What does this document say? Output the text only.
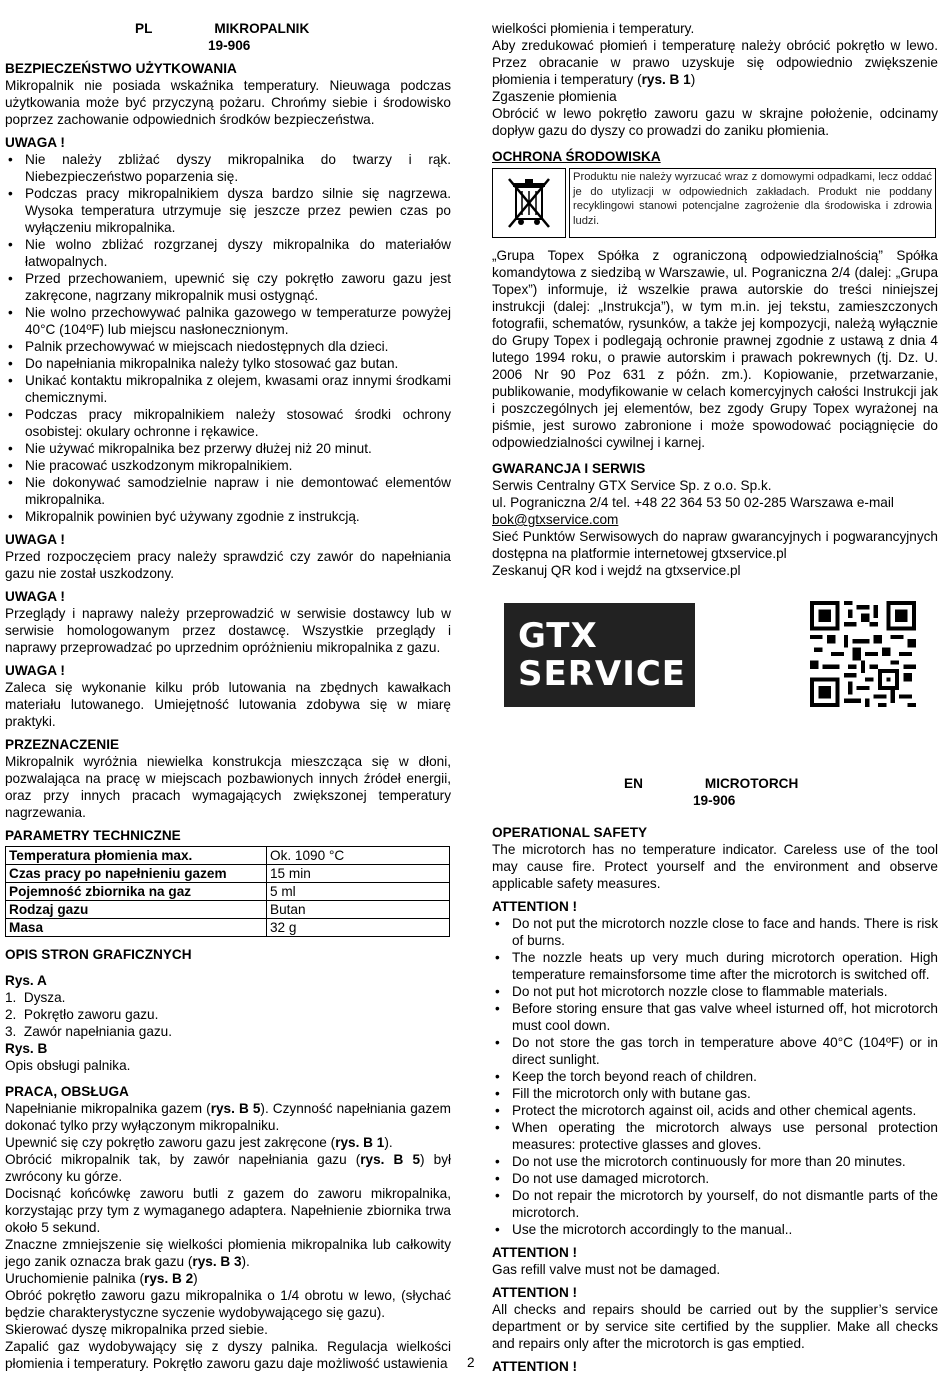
PL	MIKROPALNIK

19-906

BEZPIECZEŃSTWO UŻYTKOWANIA

Mikropalnik nie posiada wskaźnika temperatury. Nieuwaga podczas użytkowania może być przyczyną pożaru. Chrońmy siebie i środowisko poprzez zachowanie odpowiednich środków bezpieczeństwa.

UWAGA !

• Nie należy zbliżać dyszy mikropalnika do twarzy i rąk. Niebezpieczeństwo poparzenia się.
• Podczas pracy mikropalnikiem dysza bardzo silnie się nagrzewa. Wysoka temperatura utrzymuje się jeszcze przez pewien czas po wyłączeniu mikropalnika.
• Nie wolno zbliżać rozgrzanej dyszy mikropalnika do materiałów łatwopalnych.
• Przed przechowaniem, upewnić się czy pokrętło zaworu gazu jest zakręcone, nagrzany mikropalnik musi ostygnąć.
• Nie wolno przechowywać palnika gazowego w temperaturze powyżej 40°C (104ºF) lub miejscu nasłonecznionym.
• Palnik przechowywać w miejscach niedostępnych dla dzieci.
• Do napełniania mikropalnika należy tylko stosować gaz butan.
• Unikać kontaktu mikropalnika z olejem, kwasami oraz innymi środkami chemicznymi.
• Podczas pracy mikropalnikiem należy stosować środki ochrony osobistej: okulary ochronne i rękawice.
• Nie używać mikropalnika bez przerwy dłużej niż 20 minut.
• Nie pracować uszkodzonym mikropalnikiem.
• Nie dokonywać samodzielnie napraw i nie demontować elementów mikropalnika.
• Mikropalnik powinien być używany zgodnie z instrukcją.

UWAGA !

Przed rozpoczęciem pracy należy sprawdzić czy zawór do napełniania gazu nie został uszkodzony.

UWAGA !

Przeglądy i naprawy należy przeprowadzić w serwisie dostawcy lub w serwisie homologowanym przez dostawcę. Wszystkie przeglądy i naprawy przeprowadzać po uprzednim opróżnieniu mikropalnika z gazu.

UWAGA !

Zaleca się wykonanie kilku prób lutowania na zbędnych kawałkach materiału lutowanego. Umiejętność lutowania zdobywa się w miarę praktyki.

PRZEZNACZENIE

Mikropalnik wyróżnia niewielka konstrukcja mieszcząca się w dłoni, pozwalająca na pracę w miejscach pozbawionych innych źródeł energii, oraz przy innych pracach wymagających zwiększonej temperatury nagrzewania.

PARAMETRY TECHNICZNE

Temperatura płomienia max.	Ok. 1090 °C
Czas pracy po napełnieniu gazem	15 min
Pojemność zbiornika na gaz	5 ml
Rodzaj gazu	Butan
Masa	32 g

OPIS STRON GRAFICZNYCH

Rys. A

1.  Dysza.
2.  Pokrętło zaworu gazu.
3.  Zawór napełniania gazu.

Rys. B

Opis obsługi palnika.

PRACA, OBSŁUGA

Napełnianie mikropalnika gazem (rys. B 5). Czynność napełniania gazem dokonać tylko przy wyłączonym mikropalniku.

Upewnić się czy pokrętło zaworu gazu jest zakręcone (rys. B 1).

Obrócić mikropalnik tak, by zawór napełniania gazu (rys. B 5) był zwrócony ku górze.

Docisnąć końcówkę zaworu butli z gazem do zaworu mikropalnika, korzystając przy tym z wymaganego adaptera. Napełnienie zbiornika trwa około 5 sekund.

Znaczne zmniejszenie się wielkości płomienia mikropalnika lub całkowity jego zanik oznacza brak gazu (rys. B 3).

Uruchomienie palnika (rys. B 2)

Obróć pokrętło zaworu gazu mikropalnika o 1/4 obrotu w lewo, (słychać będzie charakterystyczne syczenie wydobywającego się gazu).

Skierować dyszę mikropalnika przed siebie.

Zapalić gaz wydobywający się z dyszy palnika. Regulacja wielkości płomienia i temperatury. Pokrętło zaworu gazu daje możliwość ustawienia

wielkości płomienia i temperatury.

Aby zredukować płomień i temperaturę należy obrócić pokrętło w lewo. Przez obracanie w prawo uzyskuje się odpowiednio zwiększenie płomienia i temperatury (rys. B 1)

Zgaszenie płomienia

Obrócić w lewo pokrętło zaworu gazu w skrajne położenie, odcinamy dopływ gazu do dyszy co prowadzi do zaniku płomienia.

OCHRONA ŚRODOWISKA

Produktu nie należy wyrzucać wraz z domowymi odpadkami, lecz oddać je do utylizacji w odpowiednich zakładach. Produkt nie poddany recyklingowi stanowi potencjalne zagrożenie dla środowiska i zdrowia ludzi.

„Grupa Topex Spółka z ograniczoną odpowiedzialnością” Spółka komandytowa z siedzibą w Warszawie, ul. Pograniczna 2/4 (dalej: „Grupa Topex”) informuje, iż wszelkie prawa autorskie do treści niniejszej instrukcji (dalej: „Instrukcja”), w tym m.in. jej tekstu, zamieszczonych fotografii, schematów, rysunków, a także jej kompozycji, należą wyłącznie do Grupy Topex i podlegają ochronie prawnej zgodnie z ustawą z dnia 4 lutego 1994 roku, o prawie autorskim i prawach pokrewnych (tj. Dz. U. 2006 Nr 90 Poz 631 z późn. zm.). Kopiowanie, przetwarzanie, publikowanie, modyfikowanie w celach komercyjnych całości Instrukcji jak i poszczególnych jej elementów, bez zgody Grupy Topex wyrażonej na piśmie, jest surowo zabronione i może spowodować pociągnięcie do odpowiedzialności cywilnej i karnej.

GWARANCJA I SERWIS

Serwis Centralny GTX Service Sp. z o.o. Sp.k.

ul. Pograniczna 2/4 tel. +48 22 364 53 50 02-285 Warszawa e-mail

bok@gtxservice.com

Sieć Punktów Serwisowych do napraw gwarancyjnych i pogwarancyjnych dostępna na platformie internetowej gtxservice.pl

Zeskanuj QR kod i wejdź na gtxservice.pl

GTX
SERVICE
EN	MICROTORCH

19-906

OPERATIONAL SAFETY

The microtorch has no temperature indicator. Careless use of the tool may cause fire. Protect yourself and the environment and observe applicable safety measures.

ATTENTION !

• Do not put the microtorch nozzle close to face and hands. There is risk of burns.
• The nozzle heats up very much during microtorch operation. High temperature remainsforsome time after the microtorch is switched off.
• Do not put hot microtorch nozzle close to flammable materials.
• Before storing ensure that gas valve wheel isturned off, hot microtorch must cool down.
• Do not store the gas torch in temperature above 40°C (104ºF) or in direct sunlight.
• Keep the torch beyond reach of children.
• Fill the microtorch only with butane gas.
• Protect the microtorch against oil, acids and other chemical agents.
• When operating the microtorch always use personal protection measures: protective glasses and gloves.
• Do not use the microtorch continuously for more than 20 minutes.
• Do not use damaged microtorch.
• Do not repair the microtorch by yourself, do not dismantle parts of the microtorch.
• Use the microtorch accordingly to the manual..

ATTENTION !

Gas refill valve must not be damaged.

ATTENTION !

All checks and repairs should be carried out by the supplier’s service department or by service site certified by the supplier. Make all checks and repairs only after the microtorch is gas emptied.

ATTENTION !

2
